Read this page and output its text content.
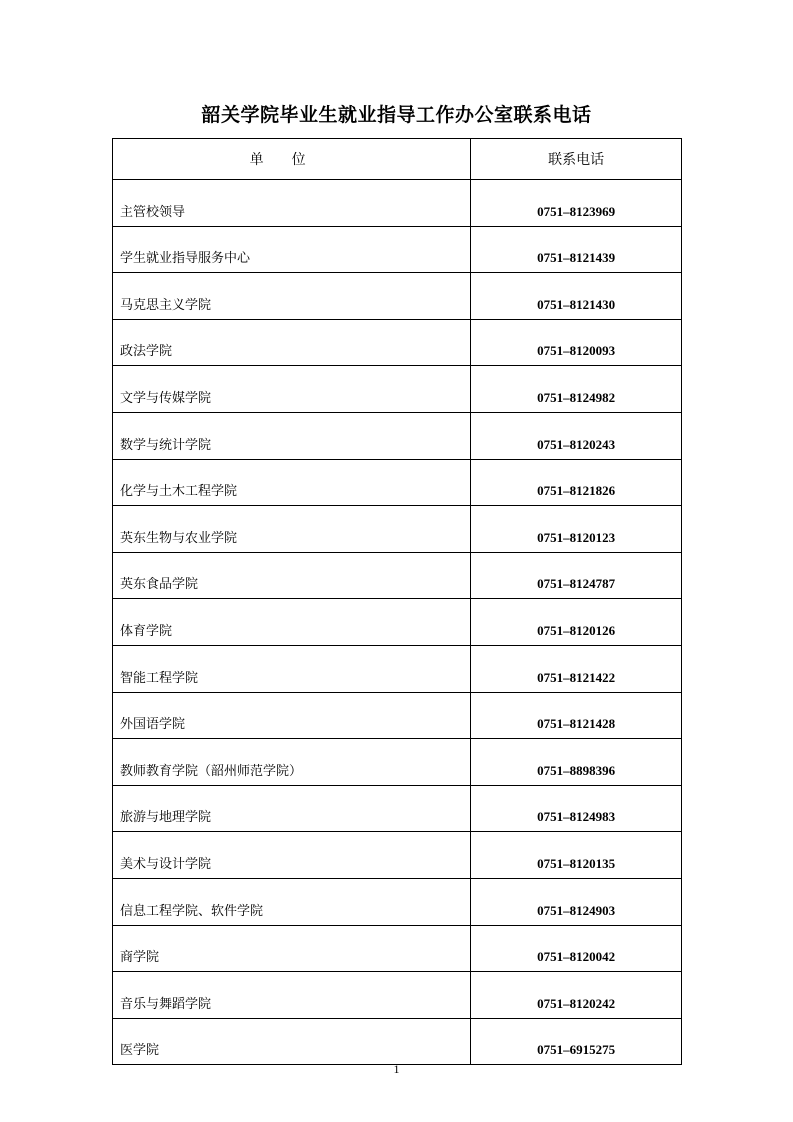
韶关学院毕业生就业指导工作办公室联系电话
单位	联系电话
主管校领导	0751–8123969
学生就业指导服务中心	0751–8121439
马克思主义学院	0751–8121430
政法学院	0751–8120093
文学与传媒学院	0751–8124982
数学与统计学院	0751–8120243
化学与土木工程学院	0751–8121826
英东生物与农业学院	0751–8120123
英东食品学院	0751–8124787
体育学院	0751–8120126
智能工程学院	0751–8121422
外国语学院	0751–8121428
教师教育学院（韶州师范学院）	0751–8898396
旅游与地理学院	0751–8124983
美术与设计学院	0751–8120135
信息工程学院、软件学院	0751–8124903
商学院	0751–8120042
音乐与舞蹈学院	0751–8120242
医学院	0751–6915275
1
